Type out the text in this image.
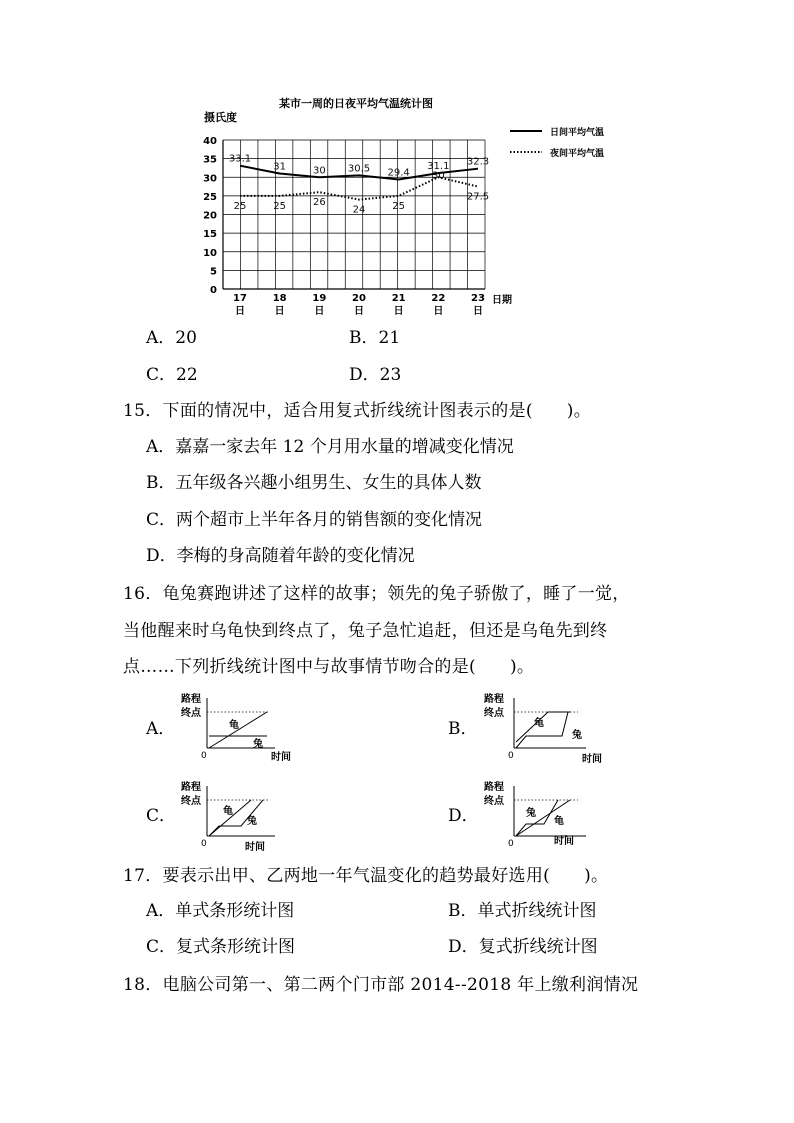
某市一周的日夜平均气温统计图
摄氏度
日期
0
5
10
15
20
25
30
35
40
17
日
18
日
19
日
20
日
21
日
22
日
23
日
33.1
31	30 30.5 29.4
31.1 32.3
25	25	26
24	25
30
27.5
日间平均气温
夜间平均气温
A．20	B．21
C．22	D．23
15．下面的情况中，适合用复式折线统计图表示的是( )。
A．嘉嘉一家去年 12 个月用水量的增减变化情况
B．五年级各兴趣小组男生、女生的具体人数
C．两个超市上半年各月的销售额的变化情况
D．李梅的身高随着年龄的变化情况
16．龟兔赛跑讲述了这样的故事；领先的兔子骄傲了，睡了一觉，
当他醒来时乌龟快到终点了，兔子急忙追赶，但还是乌龟先到终
点……下列折线统计图中与故事情节吻合的是( )。
A．	B．
C．	D．
路程
终点
0	时间
龟
兔
路程
终点
0	时间
龟
兔
路程
终点
0	时间
龟
兔
路程
终点
0	时间
兔
龟
17．要表示出甲、乙两地一年气温变化的趋势最好选用( )。
A．单式条形统计图	B．单式折线统计图
C．复式条形统计图	D．复式折线统计图
18．电脑公司第一、第二两个门市部 2014--2018 年上缴利润情况
